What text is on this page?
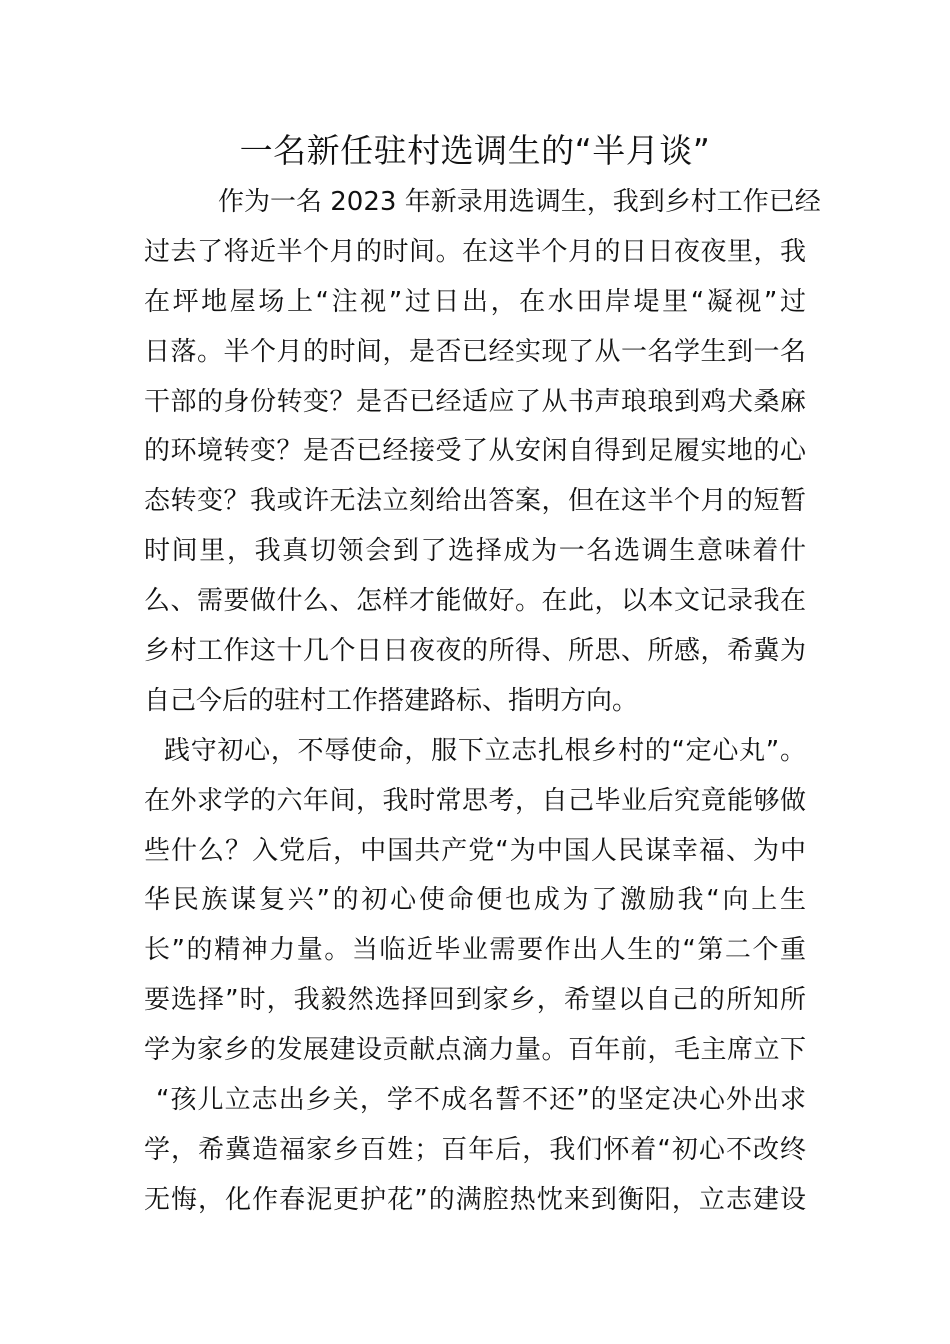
一名新任驻村选调生的“半月谈”
作为一名 2023 年新录用选调生，我到乡村工作已经
过去了将近半个月的时间。在这半个月的日日夜夜里，我
在坪地屋场上“注视”过日出，在水田岸堤里“凝视”过
日落。半个月的时间，是否已经实现了从一名学生到一名
干部的身份转变？是否已经适应了从书声琅琅到鸡犬桑麻
的环境转变？是否已经接受了从安闲自得到足履实地的心
态转变？我或许无法立刻给出答案，但在这半个月的短暂
时间里，我真切领会到了选择成为一名选调生意味着什
么、需要做什么、怎样才能做好。在此，以本文记录我在
乡村工作这十几个日日夜夜的所得、所思、所感，希冀为
自己今后的驻村工作搭建路标、指明方向。
践守初心，不辱使命，服下立志扎根乡村的“定心丸”。
在外求学的六年间，我时常思考，自己毕业后究竟能够做
些什么？入党后，中国共产党“为中国人民谋幸福、为中
华民族谋复兴”的初心使命便也成为了激励我“向上生
长”的精神力量。当临近毕业需要作出人生的“第二个重
要选择”时，我毅然选择回到家乡，希望以自己的所知所
学为家乡的发展建设贡献点滴力量。百年前，毛主席立下
“孩儿立志出乡关，学不成名誓不还”的坚定决心外出求
学，希冀造福家乡百姓；百年后，我们怀着“初心不改终
无悔，化作春泥更护花”的满腔热忱来到衡阳，立志建设
